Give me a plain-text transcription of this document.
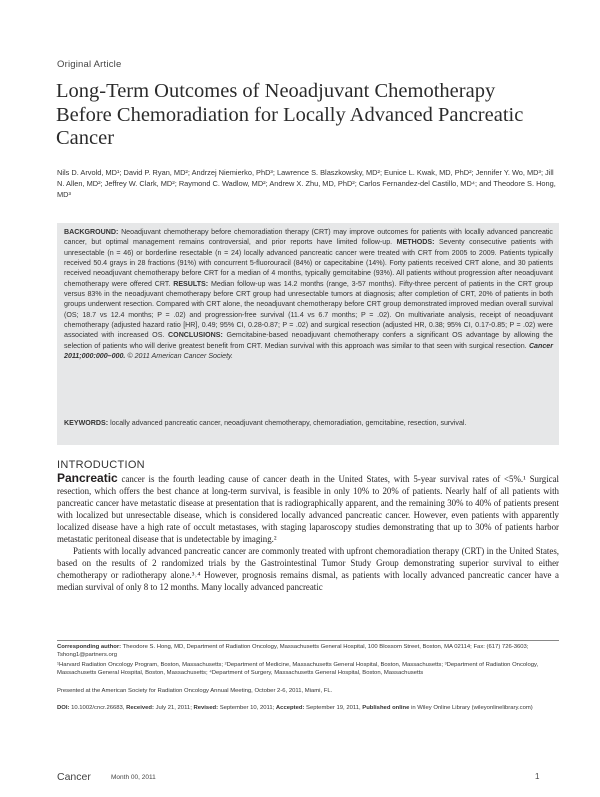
Original Article
Long-Term Outcomes of Neoadjuvant Chemotherapy Before Chemoradiation for Locally Advanced Pancreatic Cancer
Nils D. Arvold, MD¹; David P. Ryan, MD²; Andrzej Niemierko, PhD³; Lawrence S. Blaszkowsky, MD²; Eunice L. Kwak, MD, PhD²; Jennifer Y. Wo, MD³; Jill N. Allen, MD²; Jeffrey W. Clark, MD²; Raymond C. Wadlow, MD²; Andrew X. Zhu, MD, PhD²; Carlos Fernandez-del Castillo, MD⁴; and Theodore S. Hong, MD³
BACKGROUND: Neoadjuvant chemotherapy before chemoradiation therapy (CRT) may improve outcomes for patients with locally advanced pancreatic cancer, but optimal management remains controversial, and prior reports have limited follow-up. METHODS: Seventy consecutive patients with unresectable (n = 46) or borderline resectable (n = 24) locally advanced pancreatic cancer were treated with CRT from 2005 to 2009. Patients typically received 50.4 grays in 28 fractions (91%) with concurrent 5-fluorouracil (84%) or capecitabine (14%). Forty patients received CRT alone, and 30 patients received neoadjuvant chemotherapy before CRT for a median of 4 months, typically gemcitabine (93%). All patients without progression after neoadjuvant chemotherapy were offered CRT. RESULTS: Median follow-up was 14.2 months (range, 3-57 months). Fifty-three percent of patients in the CRT group versus 83% in the neoadjuvant chemotherapy before CRT group had unresectable tumors at diagnosis; after completion of CRT, 20% of patients in both groups underwent resection. Compared with CRT alone, the neoadjuvant chemotherapy before CRT group demonstrated improved median overall survival (OS; 18.7 vs 12.4 months; P = .02) and progression-free survival (11.4 vs 6.7 months; P = .02). On multivariate analysis, receipt of neoadjuvant chemotherapy (adjusted hazard ratio [HR], 0.49; 95% CI, 0.28-0.87; P = .02) and surgical resection (adjusted HR, 0.38; 95% CI, 0.17-0.85; P = .02) were associated with increased OS. CONCLUSIONS: Gemcitabine-based neoadjuvant chemotherapy confers a significant OS advantage by allowing the selection of patients who will derive greatest benefit from CRT. Median survival with this approach was similar to that seen with surgical resection. Cancer 2011;000:000–000. © 2011 American Cancer Society.
KEYWORDS: locally advanced pancreatic cancer, neoadjuvant chemotherapy, chemoradiation, gemcitabine, resection, survival.
INTRODUCTION

Pancreatic cancer is the fourth leading cause of cancer death in the United States, with 5-year survival rates of <5%.¹ Surgical resection, which offers the best chance at long-term survival, is feasible in only 10% to 20% of patients. Nearly half of all patients with pancreatic cancer have metastatic disease at presentation that is radiographically apparent, and the remaining 30% to 40% of patients present with localized but unresectable disease, which is considered locally advanced pancreatic cancer. However, even patients with apparently localized disease have a high rate of occult metastases, with staging laparoscopy studies demonstrating that up to 30% of patients harbor metastatic peritoneal disease that is undetectable by imaging.²

Patients with locally advanced pancreatic cancer are commonly treated with upfront chemoradiation therapy (CRT) in the United States, based on the results of 2 randomized trials by the Gastrointestinal Tumor Study Group demonstrating superior survival to either chemotherapy or radiotherapy alone.³˒⁴ However, prognosis remains dismal, as patients with locally advanced pancreatic cancer have a median survival of only 8 to 12 months. Many locally advanced pancreatic

Corresponding author: Theodore S. Hong, MD, Department of Radiation Oncology, Massachusetts General Hospital, 100 Blossom Street, Boston, MA 02114; Fax: (617) 726-3603; Tshong1@partners.org
¹Harvard Radiation Oncology Program, Boston, Massachusetts; ²Department of Medicine, Massachusetts General Hospital, Boston, Massachusetts; ³Department of Radiation Oncology, Massachusetts General Hospital, Boston, Massachusetts; ⁴Department of Surgery, Massachusetts General Hospital, Boston, Massachusetts
Presented at the American Society for Radiation Oncology Annual Meeting, October 2-6, 2011, Miami, FL.
DOI: 10.1002/cncr.26683, Received: July 21, 2011; Revised: September 10, 2011; Accepted: September 19, 2011, Published online in Wiley Online Library (wileyonlinelibrary.com)
Cancer	Month 00, 2011	1
